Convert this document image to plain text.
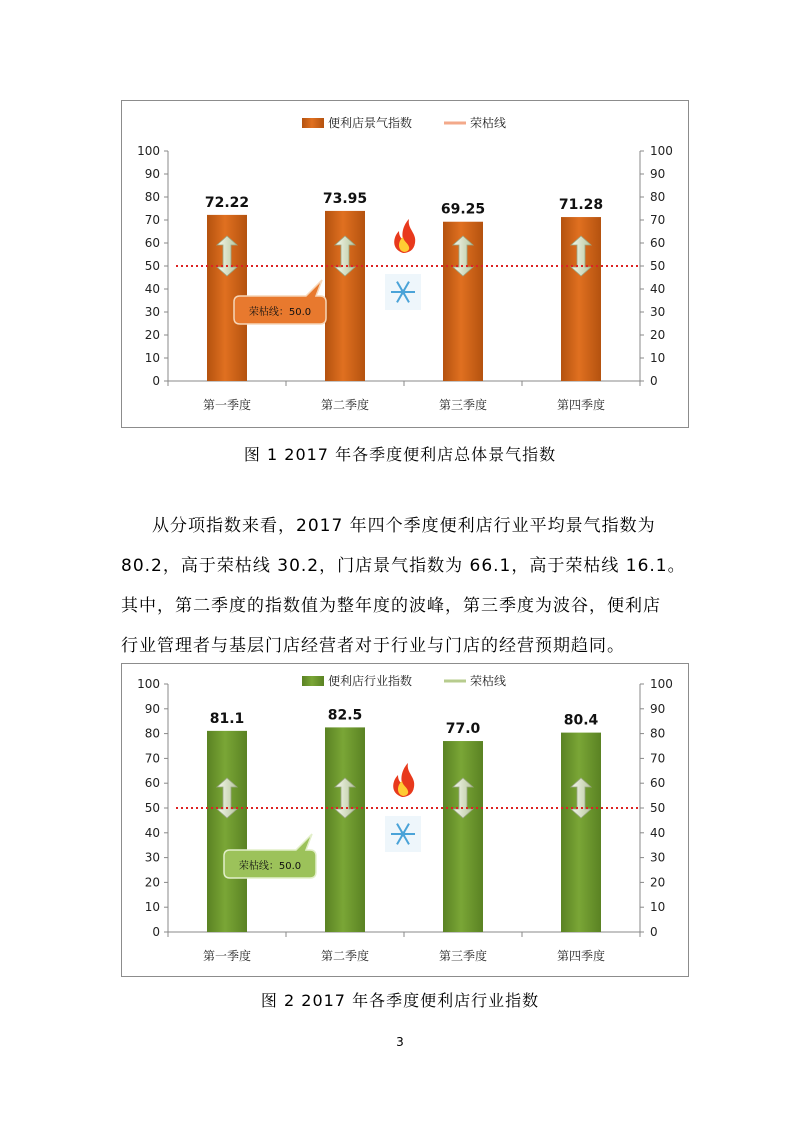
便利店景气指数	荣枯线
0	0
10	10
20	20
30	30
40	40
50	50
60	60
70	70
80	80
90	90
100	100
72.22
第一季度
73.95
第二季度
69.25
第三季度
71.28
第四季度
荣枯线：50.0
图 1 2017 年各季度便利店总体景气指数
从分项指数来看，2017 年四个季度便利店行业平均景气指数为
80.2，高于荣枯线 30.2，门店景气指数为 66.1，高于荣枯线 16.1。
其中，第二季度的指数值为整年度的波峰，第三季度为波谷，便利店
行业管理者与基层门店经营者对于行业与门店的经营预期趋同。
便利店行业指数	荣枯线
0	0
10	10
20	20
30	30
40	40
50	50
60	60
70	70
80	80
90	90
100	100
81.1
第一季度
82.5
第二季度
77.0
第三季度
80.4
第四季度
荣枯线：50.0
图 2 2017 年各季度便利店行业指数
3
